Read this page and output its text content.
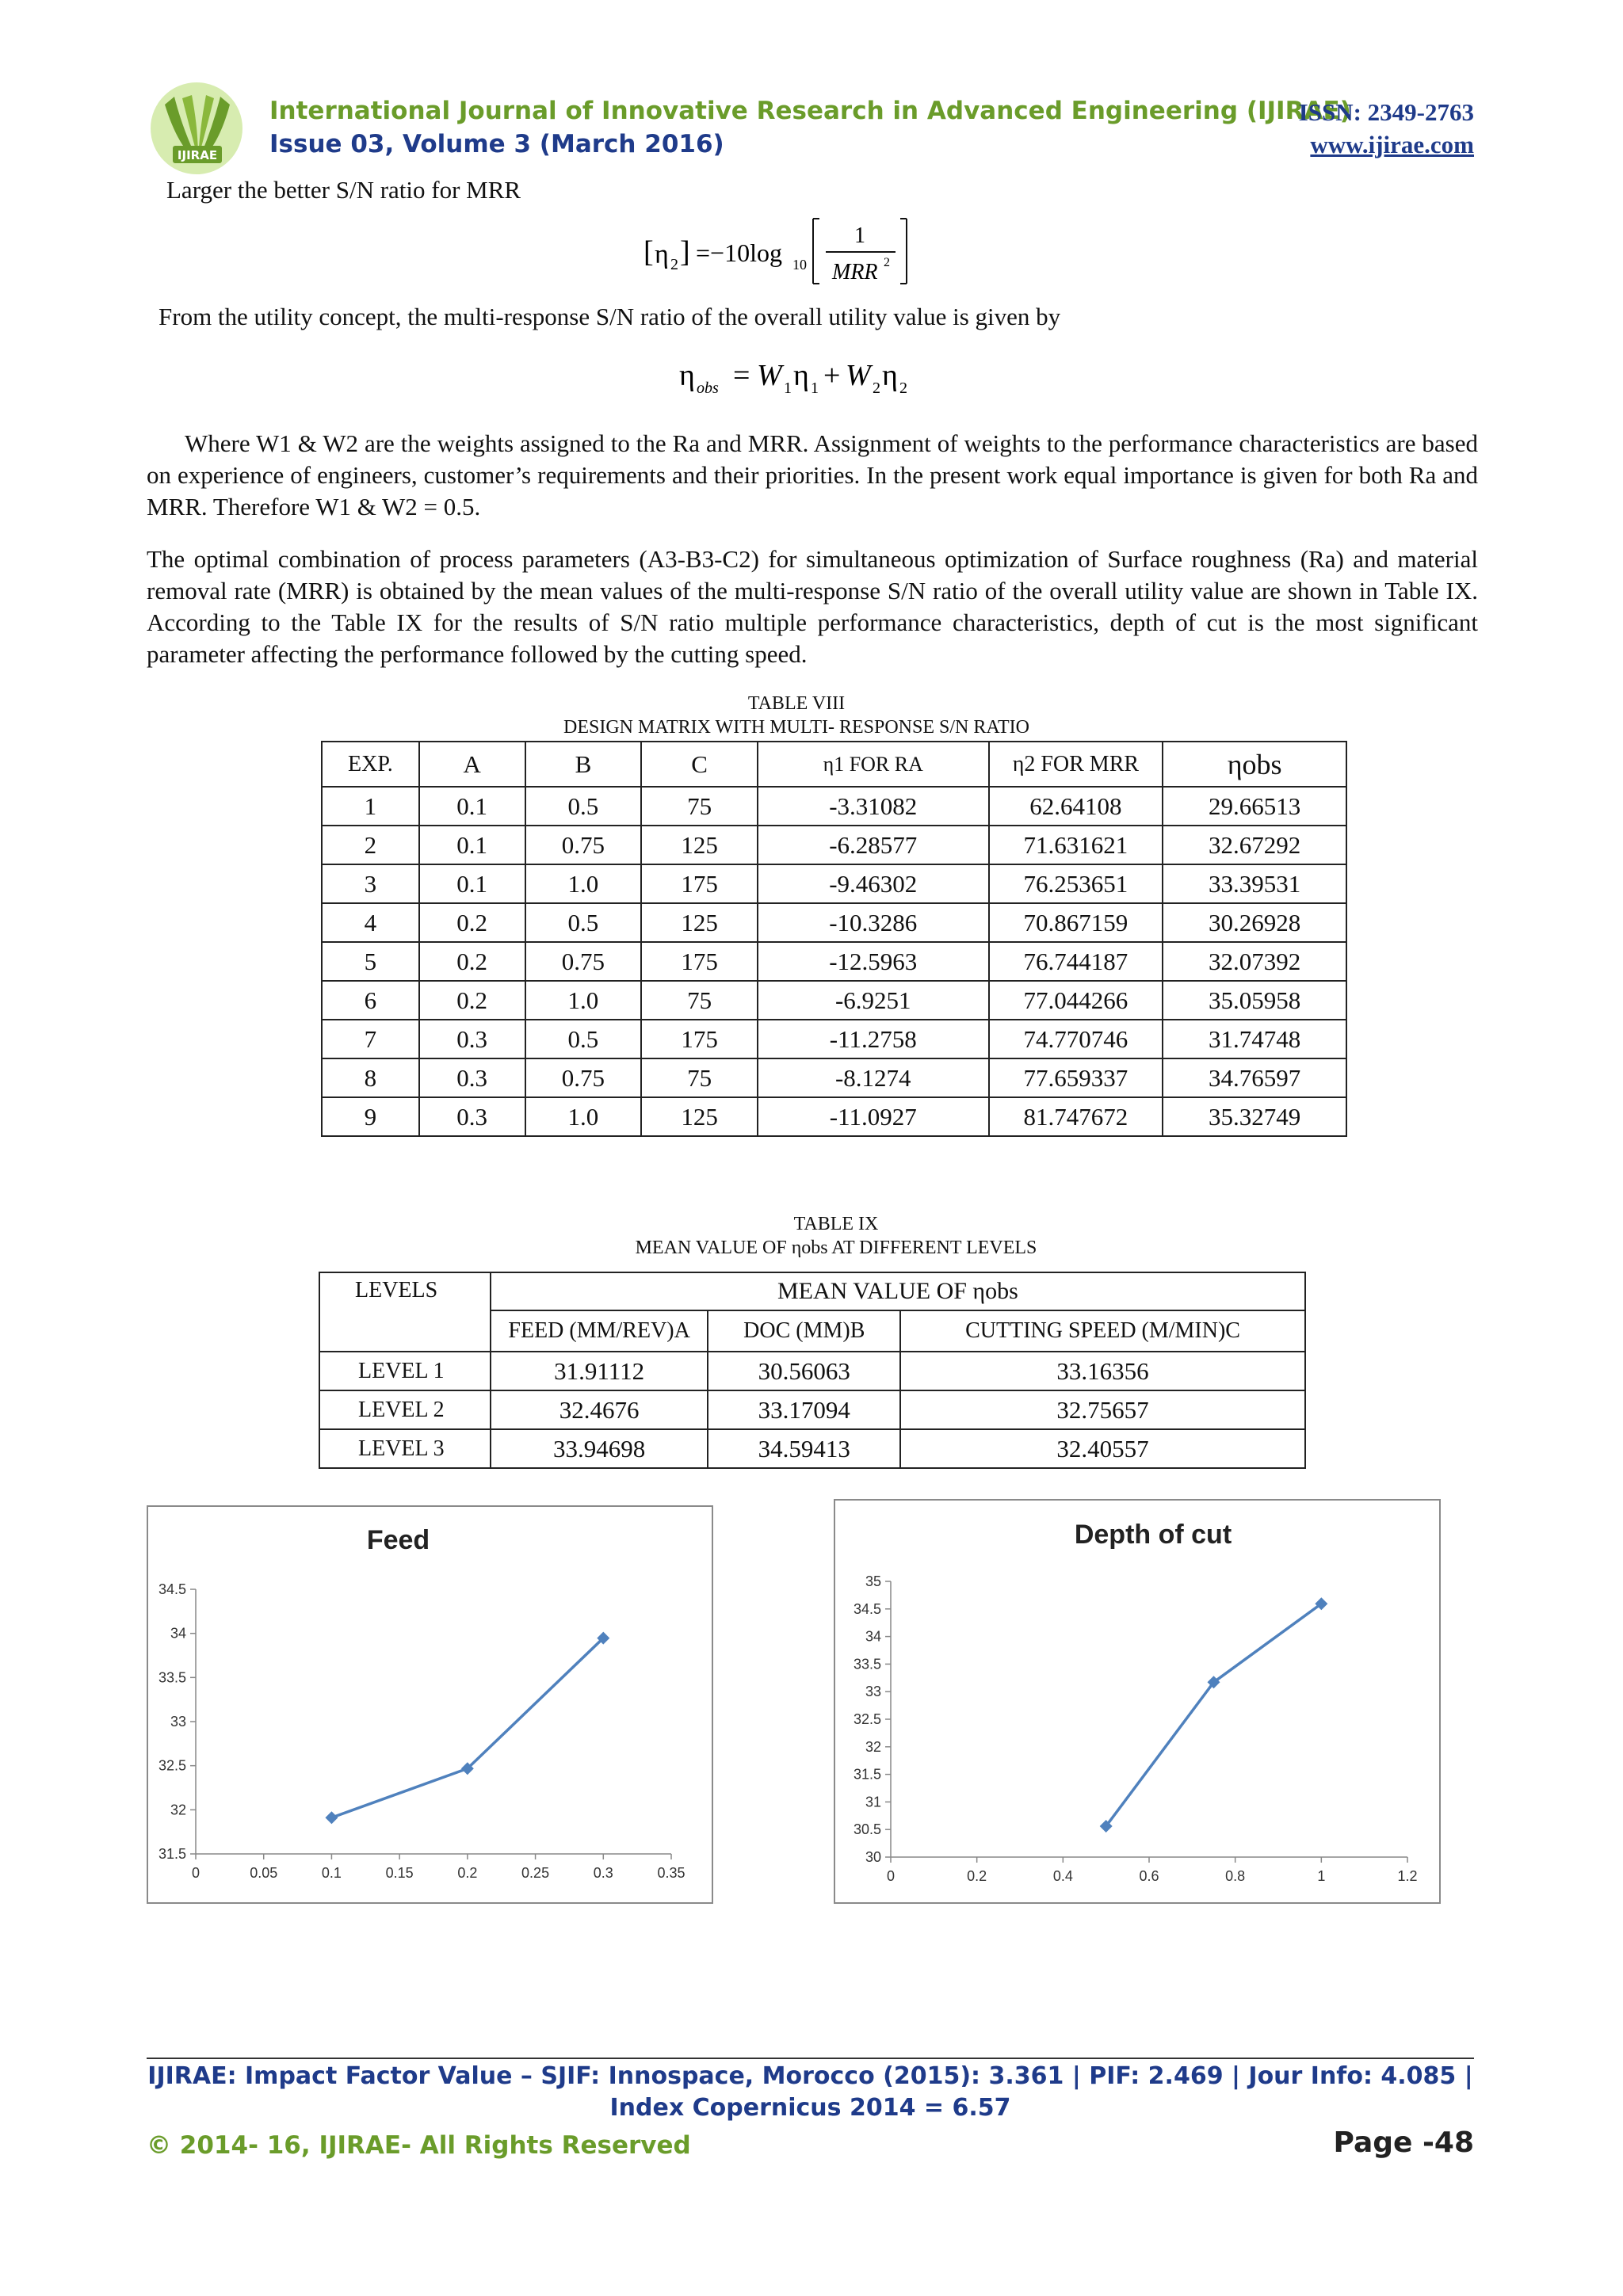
IJIRAE
International Journal of Innovative Research in Advanced Engineering (IJIRAE)
ISSN: 2349-2763
Issue 03, Volume 3 (March 2016)	www.ijirae.com
Larger the better S/N ratio for MRR
[ η 2 ] =−10log 10
1
MRR 2
From the utility concept, the multi-response S/N ratio of the overall utility value is given by
η obs = W 1 η 1 + W 2 η 2
Where W1 & W2 are the weights assigned to the Ra and MRR. Assignment of weights to the performance characteristics are based on experience of engineers, customer’s requirements and their priorities. In the present work equal importance is given for both Ra and MRR. Therefore W1 & W2 = 0.5.
The optimal combination of process parameters (A3-B3-C2) for simultaneous optimization of Surface roughness (Ra) and material removal rate (MRR) is obtained by the mean values of the multi-response S/N ratio of the overall utility value are shown in Table IX. According to the Table IX for the results of S/N ratio multiple performance characteristics, depth of cut is the most significant parameter affecting the performance followed by the cutting speed.
TABLE VIII
DESIGN MATRIX WITH MULTI- RESPONSE S/N RATIO
EXP.	A	B	C	η1 FOR RA	η2 FOR MRR	ηobs
1	0.1	0.5	75	-3.31082	62.64108	29.66513
2	0.1	0.75	125	-6.28577	71.631621	32.67292
3	0.1	1.0	175	-9.46302	76.253651	33.39531
4	0.2	0.5	125	-10.3286	70.867159	30.26928
5	0.2	0.75	175	-12.5963	76.744187	32.07392
6	0.2	1.0	75	-6.9251	77.044266	35.05958
7	0.3	0.5	175	-11.2758	74.770746	31.74748
8	0.3	0.75	75	-8.1274	77.659337	34.76597
9	0.3	1.0	125	-11.0927	81.747672	35.32749
TABLE IX
MEAN VALUE OF ηobs AT DIFFERENT LEVELS
LEVELS	MEAN VALUE OF ηobs		
	FEED (MM/REV)A	DOC (MM)B	CUTTING SPEED (M/MIN)C
LEVEL 1	31.91112	30.56063	33.16356
LEVEL 2	32.4676	33.17094	32.75657
LEVEL 3	33.94698	34.59413	32.40557
Feed
31.5
32
32.5
33
33.5
34
34.5
0	0.05	0.1	0.15	0.2	0.25	0.3	0.35
Depth of cut
30
30.5
31
31.5
32
32.5
33
33.5
34
34.5
35
0	0.2	0.4	0.6	0.8	1	1.2
IJIRAE: Impact Factor Value – SJIF: Innospace, Morocco (2015): 3.361 | PIF: 2.469 | Jour Info: 4.085 |
Index Copernicus 2014 = 6.57
© 2014- 16, IJIRAE- All Rights Reserved	Page -48
